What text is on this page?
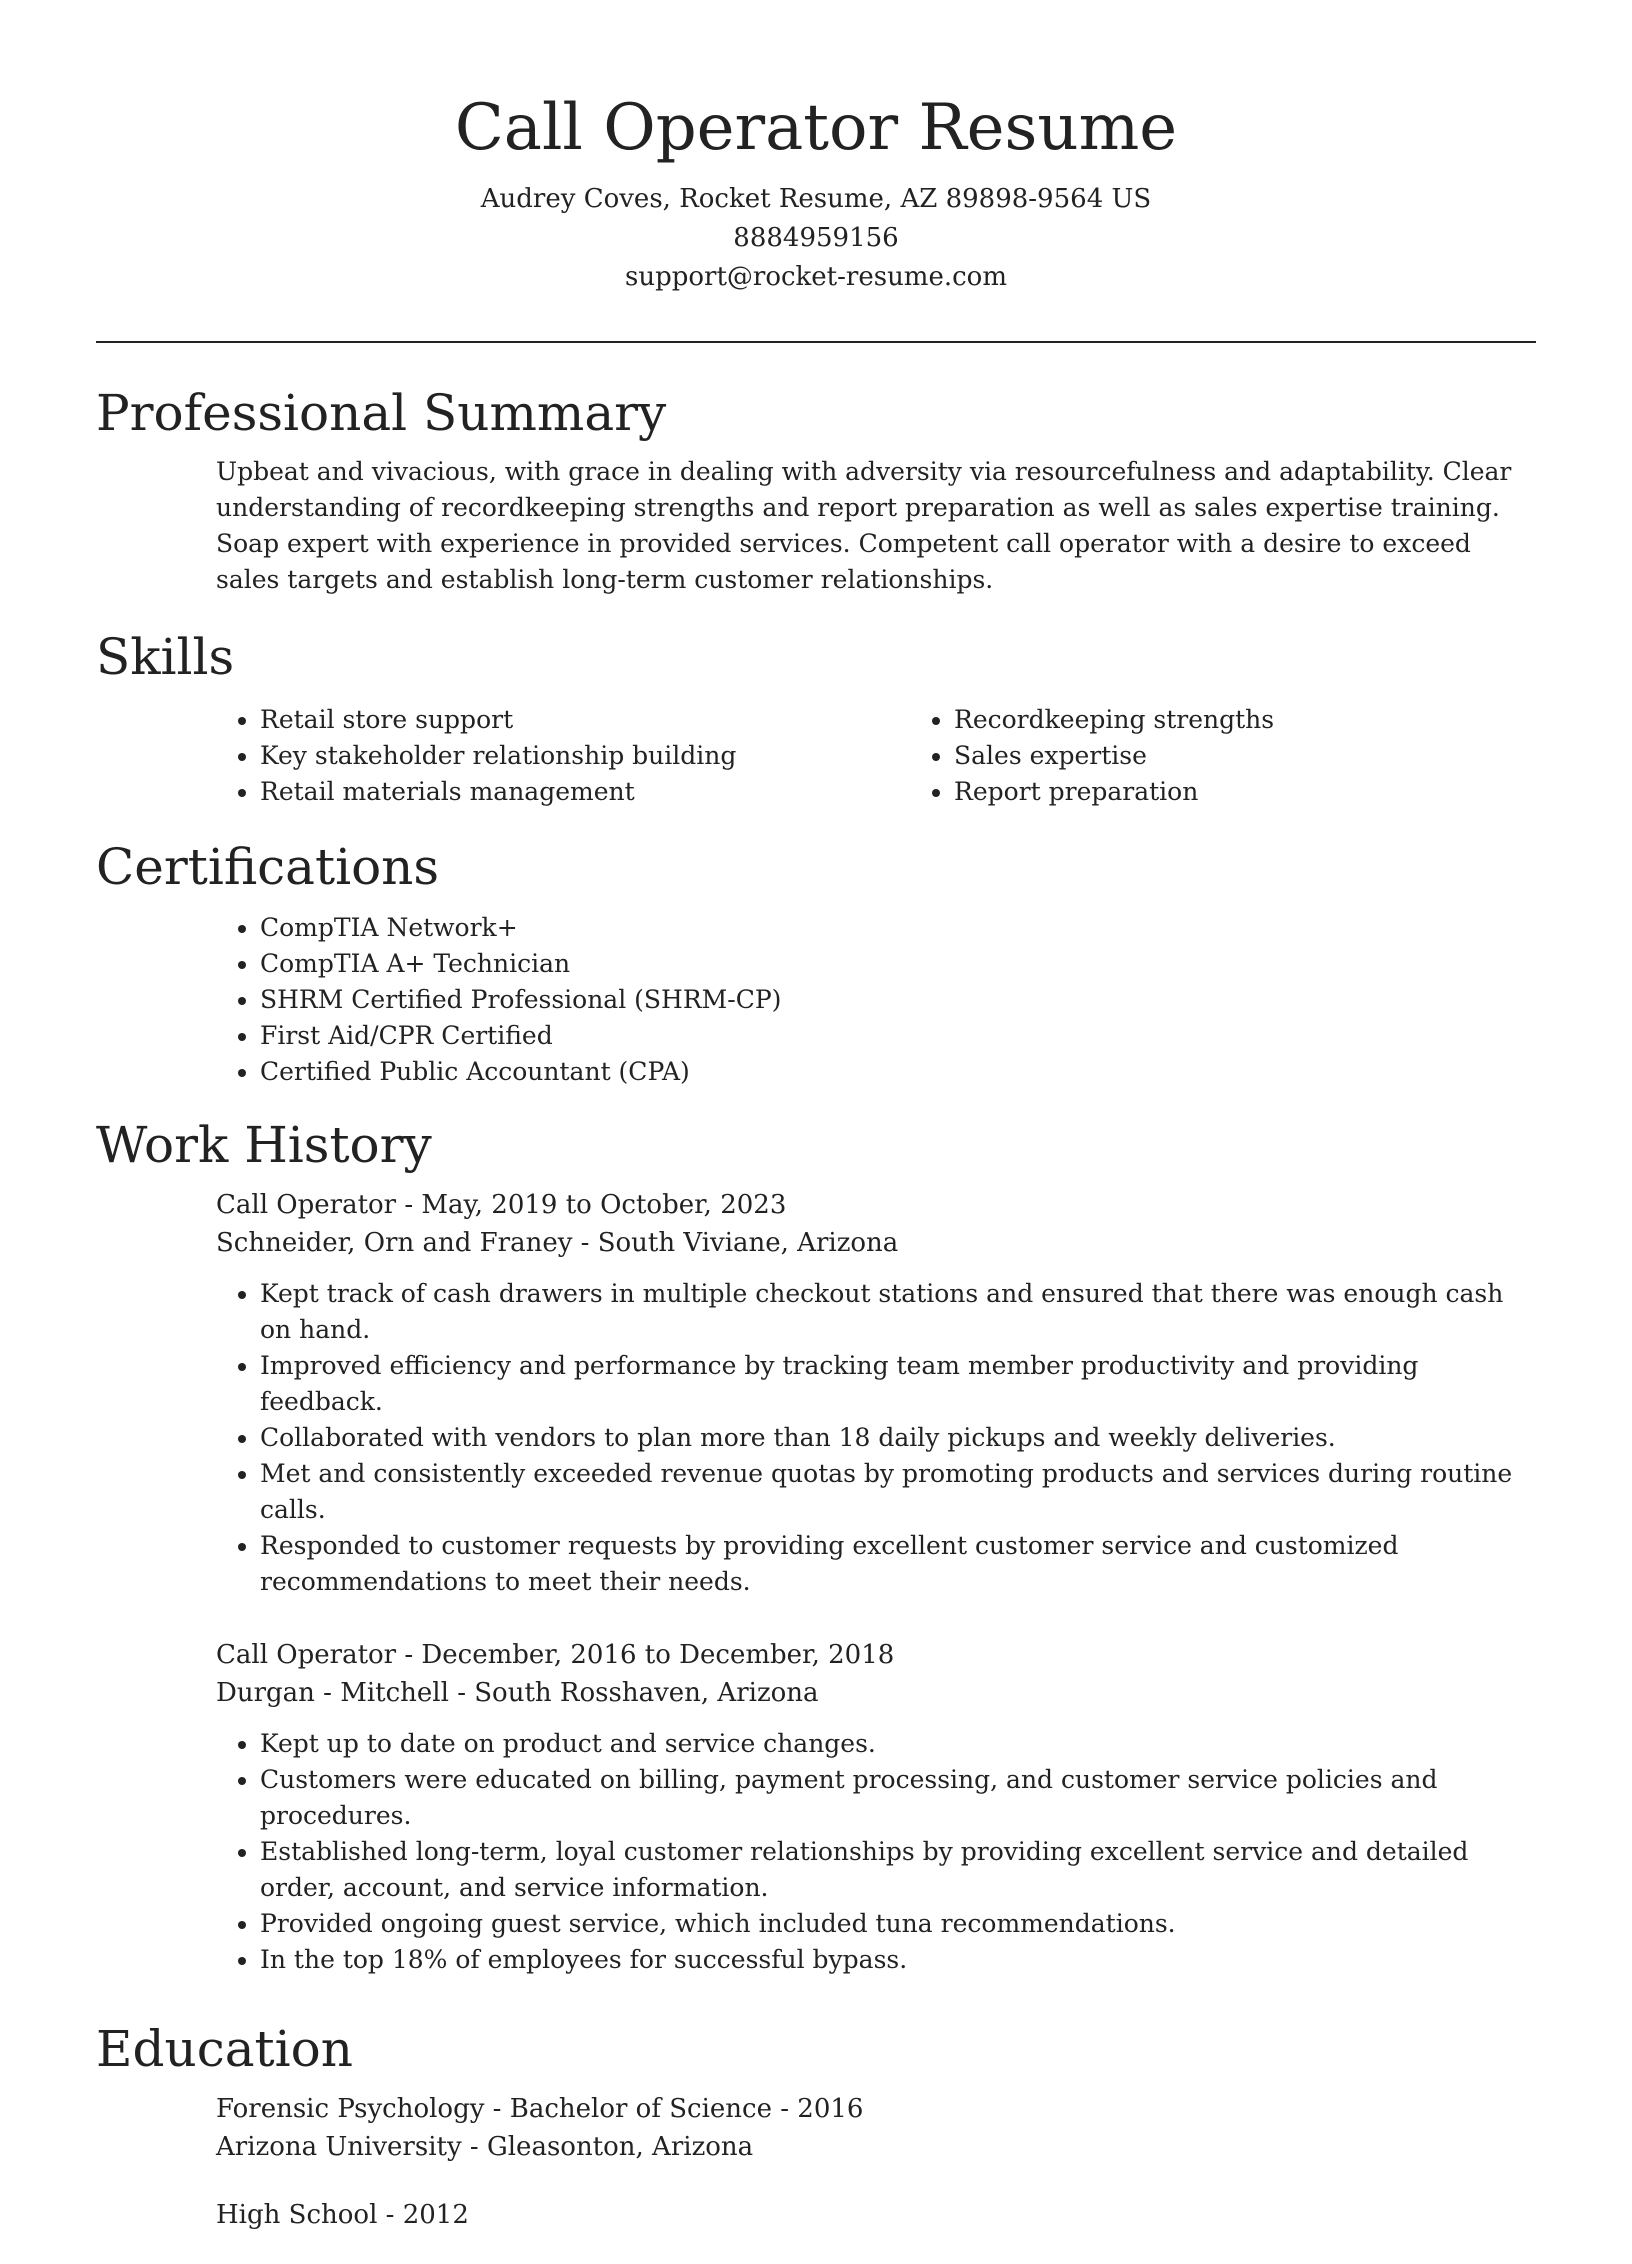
Call Operator Resume
Audrey Coves, Rocket Resume, AZ 89898-9564 US
8884959156
support@rocket-resume.com
Professional Summary

Upbeat and vivacious, with grace in dealing with adversity via resourcefulness and adaptability. Clear understanding of recordkeeping strengths and report preparation as well as sales expertise training. Soap expert with experience in provided services. Competent call operator with a desire to exceed sales targets and establish long-term customer relationships.

Skills
• Retail store support
• Key stakeholder relationship building
• Retail materials management
• Recordkeeping strengths
• Sales expertise
• Report preparation
Certifications
• CompTIA Network+
• CompTIA A+ Technician
• SHRM Certified Professional (SHRM-CP)
• First Aid/CPR Certified
• Certified Public Accountant (CPA)
Work History
Call Operator - May, 2019 to October, 2023
Schneider, Orn and Franey - South Viviane, Arizona
• Kept track of cash drawers in multiple checkout stations and ensured that there was enough cash on hand.
• Improved efficiency and performance by tracking team member productivity and providing feedback.
• Collaborated with vendors to plan more than 18 daily pickups and weekly deliveries.
• Met and consistently exceeded revenue quotas by promoting products and services during routine calls.
• Responded to customer requests by providing excellent customer service and customized recommendations to meet their needs.
Call Operator - December, 2016 to December, 2018
Durgan - Mitchell - South Rosshaven, Arizona
• Kept up to date on product and service changes.
• Customers were educated on billing, payment processing, and customer service policies and procedures.
• Established long-term, loyal customer relationships by providing excellent service and detailed order, account, and service information.
• Provided ongoing guest service, which included tuna recommendations.
• In the top 18% of employees for successful bypass.
Education
Forensic Psychology - Bachelor of Science - 2016
Arizona University - Gleasonton, Arizona
High School - 2012
